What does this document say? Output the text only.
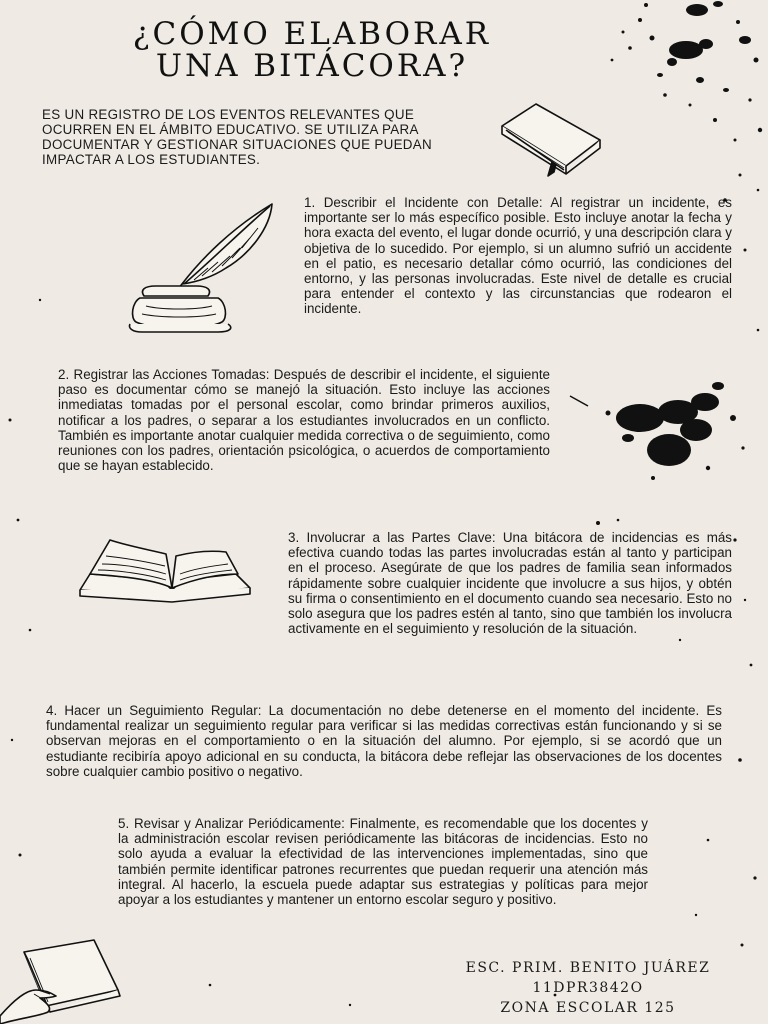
¿CÓMO ELABORAR
UNA BITÁCORA?

ES UN REGISTRO DE LOS EVENTOS RELEVANTES QUE OCURREN EN EL ÁMBITO EDUCATIVO. SE UTILIZA PARA DOCUMENTAR Y GESTIONAR SITUACIONES QUE PUEDAN IMPACTAR A LOS ESTUDIANTES.

1. Describir el Incidente con Detalle: Al registrar un incidente, es importante ser lo más específico posible. Esto incluye anotar la fecha y hora exacta del evento, el lugar donde ocurrió, y una descripción clara y objetiva de lo sucedido. Por ejemplo, si un alumno sufrió un accidente en el patio, es necesario detallar cómo ocurrió, las condiciones del entorno, y las personas involucradas. Este nivel de detalle es crucial para entender el contexto y las circunstancias que rodearon el incidente.

2. Registrar las Acciones Tomadas: Después de describir el incidente, el siguiente paso es documentar cómo se manejó la situación. Esto incluye las acciones inmediatas tomadas por el personal escolar, como brindar primeros auxilios, notificar a los padres, o separar a los estudiantes involucrados en un conflicto. También es importante anotar cualquier medida correctiva o de seguimiento, como reuniones con los padres, orientación psicológica, o acuerdos de comportamiento que se hayan establecido.

3. Involucrar a las Partes Clave: Una bitácora de incidencias es más efectiva cuando todas las partes involucradas están al tanto y participan en el proceso. Asegúrate de que los padres de familia sean informados rápidamente sobre cualquier incidente que involucre a sus hijos, y obtén su firma o consentimiento en el documento cuando sea necesario. Esto no solo asegura que los padres estén al tanto, sino que también los involucra activamente en el seguimiento y resolución de la situación.

4. Hacer un Seguimiento Regular: La documentación no debe detenerse en el momento del incidente. Es fundamental realizar un seguimiento regular para verificar si las medidas correctivas están funcionando y si se observan mejoras en el comportamiento o en la situación del alumno. Por ejemplo, si se acordó que un estudiante recibiría apoyo adicional en su conducta, la bitácora debe reflejar las observaciones de los docentes sobre cualquier cambio positivo o negativo.

5. Revisar y Analizar Periódicamente: Finalmente, es recomendable que los docentes y la administración escolar revisen periódicamente las bitácoras de incidencias. Esto no solo ayuda a evaluar la efectividad de las intervenciones implementadas, sino que también permite identificar patrones recurrentes que puedan requerir una atención más integral. Al hacerlo, la escuela puede adaptar sus estrategias y políticas para mejor apoyar a los estudiantes y mantener un entorno escolar seguro y positivo.

ESC. PRIM. BENITO JUÁREZ
11DPR3842O
ZONA ESCOLAR 125
